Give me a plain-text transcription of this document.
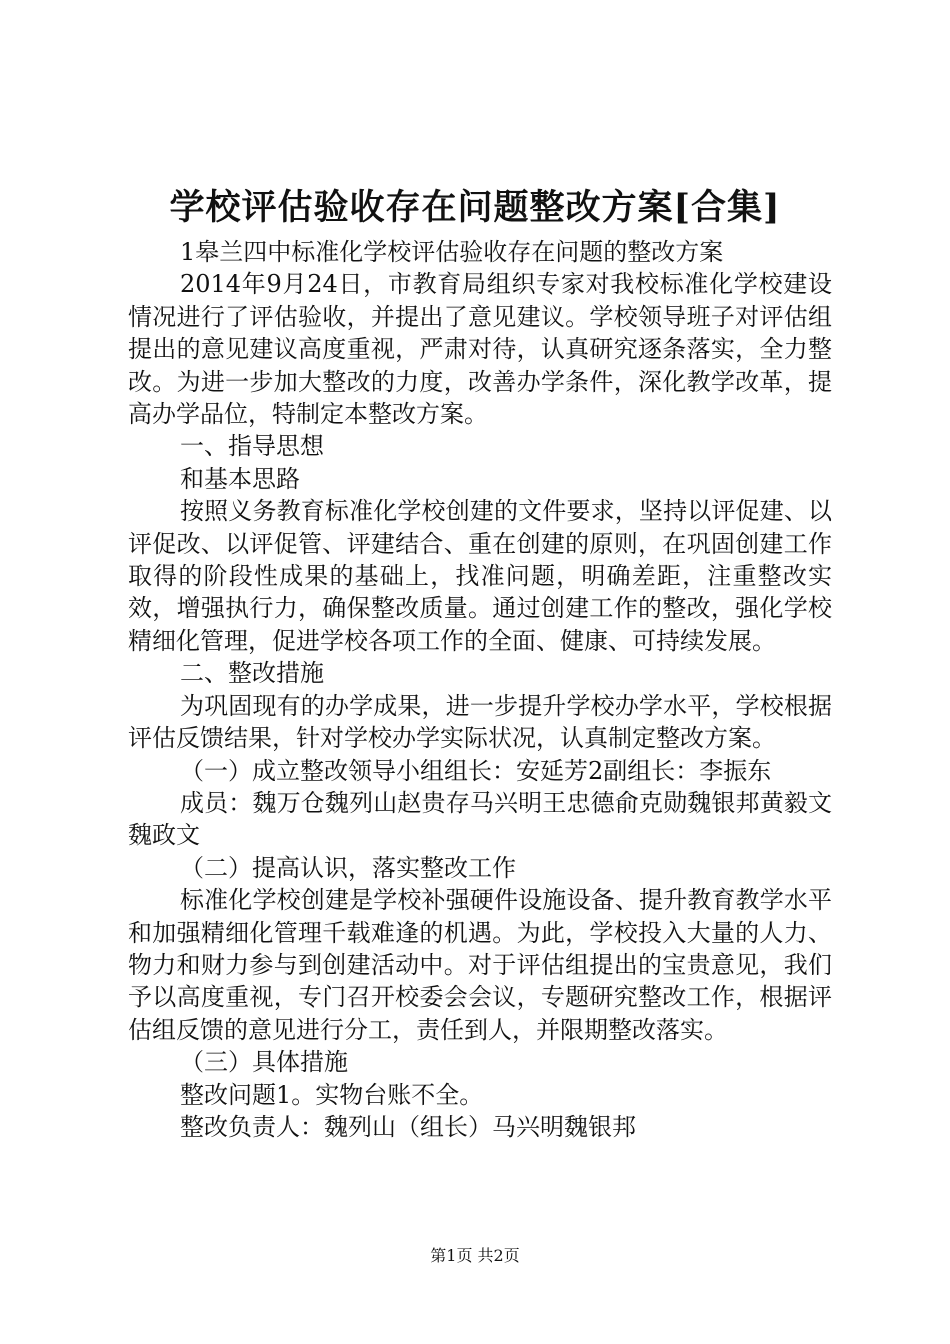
学校评估验收存在问题整改方案[合集]

1皋兰四中标准化学校评估验收存在问题的整改方案

2014年9月24日，市教育局组织专家对我校标准化学校建设情况进行了评估验收，并提出了意见建议。学校领导班子对评估组提出的意见建议高度重视，严肃对待，认真研究逐条落实，全力整改。为进一步加大整改的力度，改善办学条件，深化教学改革，提高办学品位，特制定本整改方案。

一、指导思想

和基本思路

按照义务教育标准化学校创建的文件要求，坚持以评促建、以评促改、以评促管、评建结合、重在创建的原则，在巩固创建工作取得的阶段性成果的基础上，找准问题，明确差距，注重整改实效，增强执行力，确保整改质量。通过创建工作的整改，强化学校精细化管理，促进学校各项工作的全面、健康、可持续发展。

二、整改措施

为巩固现有的办学成果，进一步提升学校办学水平，学校根据评估反馈结果，针对学校办学实际状况，认真制定整改方案。

（一）成立整改领导小组组长：安延芳2副组长：李振东

成员：魏万仓魏列山赵贵存马兴明王忠德俞克勋魏银邦黄毅文魏政文

（二）提高认识，落实整改工作

标准化学校创建是学校补强硬件设施设备、提升教育教学水平和加强精细化管理千载难逢的机遇。为此，学校投入大量的人力、物力和财力参与到创建活动中。对于评估组提出的宝贵意见，我们予以高度重视，专门召开校委会会议，专题研究整改工作，根据评估组反馈的意见进行分工，责任到人，并限期整改落实。

（三）具体措施

整改问题1。实物台账不全。

整改负责人：魏列山（组长）马兴明魏银邦

第1页 共2页
